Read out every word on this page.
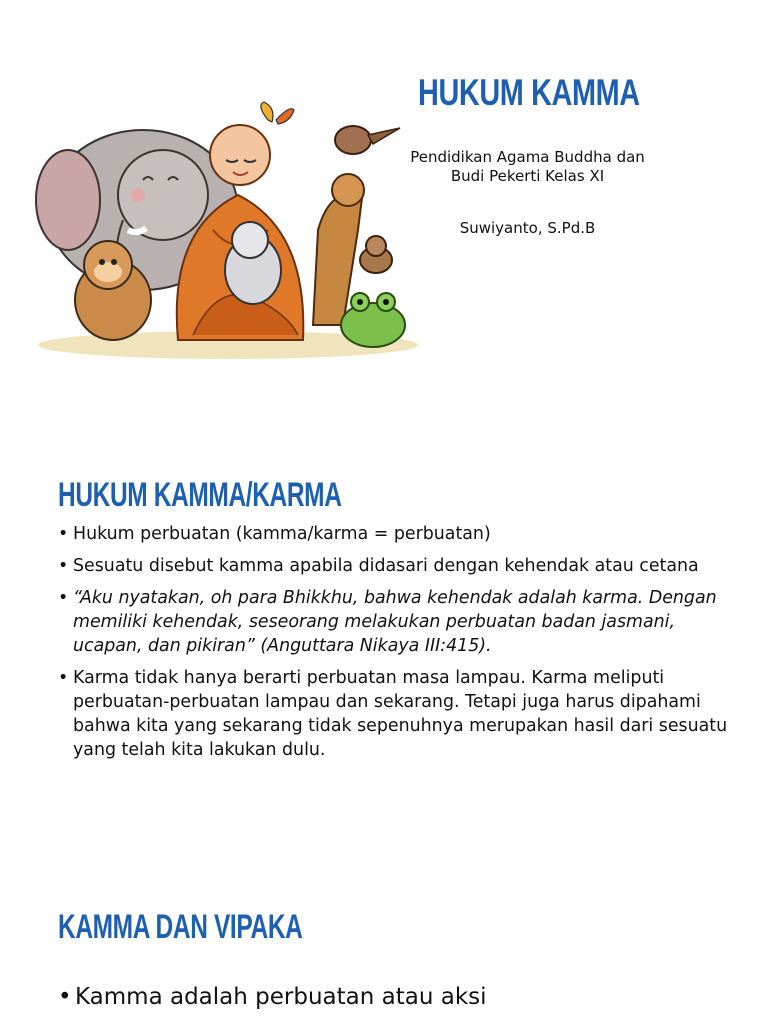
HUKUM KAMMA
Pendidikan Agama Buddha dan
Budi Pekerti Kelas XI
Suwiyanto, S.Pd.B
HUKUM KAMMA/KARMA
• Hukum perbuatan (kamma/karma = perbuatan)
• Sesuatu disebut kamma apabila didasari dengan kehendak atau cetana
• “Aku nyatakan, oh para Bhikkhu, bahwa kehendak adalah karma. Dengan memiliki kehendak, seseorang melakukan perbuatan badan jasmani, ucapan, dan pikiran” (Anguttara Nikaya III:415).
• Karma tidak hanya berarti perbuatan masa lampau. Karma meliputi perbuatan-perbuatan lampau dan sekarang. Tetapi juga harus dipahami bahwa kita yang sekarang tidak sepenuhnya merupakan hasil dari sesuatu yang telah kita lakukan dulu.
KAMMA DAN VIPAKA
• Kamma adalah perbuatan atau aksi
